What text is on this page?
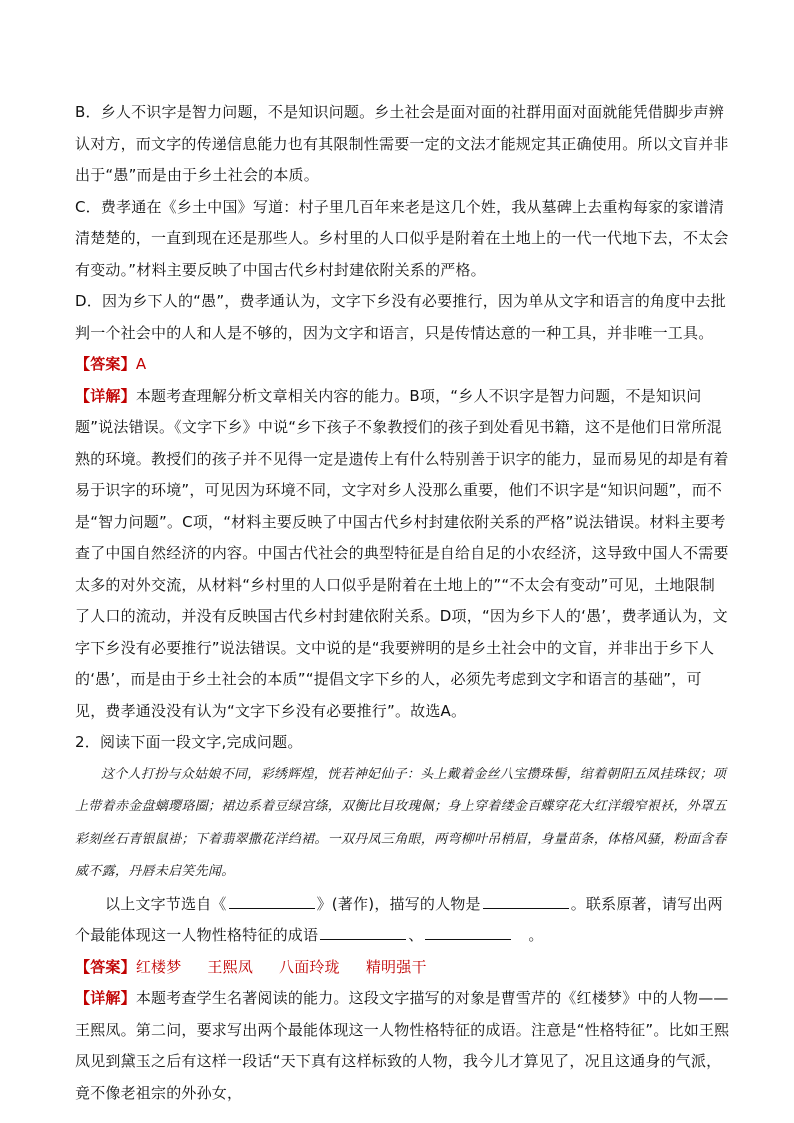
B．乡人不识字是智力问题，不是知识问题。乡土社会是面对面的社群用面对面就能凭借脚步声辨认对方，而文字的传递信息能力也有其限制性需要一定的文法才能规定其正确使用。所以文盲并非出于“愚”而是由于乡土社会的本质。

C．费孝通在《乡土中国》写道：村子里几百年来老是这几个姓，我从墓碑上去重构每家的家谱清清楚楚的，一直到现在还是那些人。乡村里的人口似乎是附着在土地上的一代一代地下去，不太会有变动。”材料主要反映了中国古代乡村封建依附关系的严格。

D．因为乡下人的“愚”，费孝通认为，文字下乡没有必要推行，因为单从文字和语言的角度中去批判一个社会中的人和人是不够的，因为文字和语言，只是传情达意的一种工具，并非唯一工具。

【答案】A

【详解】本题考查理解分析文章相关内容的能力。B项，“乡人不识字是智力问题，不是知识问题”说法错误。《文字下乡》中说“乡下孩子不象教授们的孩子到处看见书籍，这不是他们日常所混熟的环境。教授们的孩子并不见得一定是遗传上有什么特别善于识字的能力，显而易见的却是有着易于识字的环境”，可见因为环境不同，文字对乡人没那么重要，他们不识字是“知识问题”，而不是“智力问题”。C项，“材料主要反映了中国古代乡村封建依附关系的严格”说法错误。材料主要考查了中国自然经济的内容。中国古代社会的典型特征是自给自足的小农经济，这导致中国人不需要太多的对外交流，从材料“乡村里的人口似乎是附着在土地上的”“不太会有变动”可见，土地限制了人口的流动，并没有反映国古代乡村封建依附关系。D项，“因为乡下人的‘愚’，费孝通认为，文字下乡没有必要推行”说法错误。文中说的是“我要辨明的是乡土社会中的文盲，并非出于乡下人的‘愚’，而是由于乡土社会的本质”“提倡文字下乡的人，必须先考虑到文字和语言的基础”，可见，费孝通没没有认为“文字下乡没有必要推行”。故选A。

2．阅读下面一段文字,完成问题。

这个人打扮与众姑娘不同，彩绣辉煌，恍若神妃仙子：头上戴着金丝八宝攒珠髻，绾着朝阳五凤挂珠钗；项上带着赤金盘螭璎珞圈；裙边系着豆绿宫绦，双衡比目玫瑰佩；身上穿着缕金百蝶穿花大红洋缎窄裉袄，外罩五彩刻丝石青银鼠褂；下着翡翠撒花洋绉裙。一双丹凤三角眼，两弯柳叶吊梢眉，身量苗条，体格风骚，粉面含春威不露，丹唇未启笑先闻。

以上文字节选自《	》(著作)，描写的人物是	。联系原著，请写出两个最能体现这一人物性格特征的成语	、	。

【答案】红楼梦 王熙凤 八面玲珑 精明强干

【详解】本题考查学生名著阅读的能力。这段文字描写的对象是曹雪芹的《红楼梦》中的人物——王熙凤。第二问，要求写出两个最能体现这一人物性格特征的成语。注意是“性格特征”。比如王熙凤见到黛玉之后有这样一段话“天下真有这样标致的人物，我今儿才算见了，况且这通身的气派，竟不像老祖宗的外孙女，
